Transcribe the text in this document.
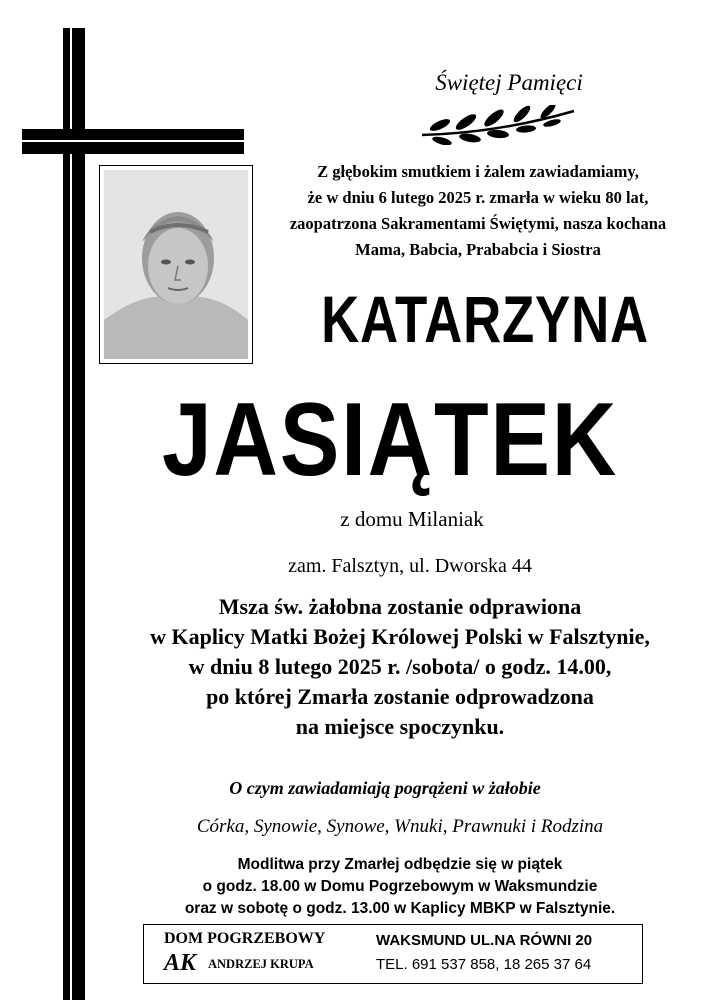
Świętej Pamięci
Z głębokim smutkiem i żalem zawiadamiamy,
że w dniu 6 lutego 2025 r. zmarła w wieku 80 lat,
zaopatrzona Sakramentami Świętymi, nasza kochana
Mama, Babcia, Prababcia i Siostra
KATARZYNA
JASIĄTEK
z domu Milaniak
zam. Falsztyn, ul. Dworska 44
Msza św. żałobna zostanie odprawiona
w Kaplicy Matki Bożej Królowej Polski w Falsztynie,
w dniu 8 lutego 2025 r. /sobota/ o godz. 14.00,
po której Zmarła zostanie odprowadzona
na miejsce spoczynku.
O czym zawiadamiają pogrążeni w żałobie
Córka, Synowie, Synowe, Wnuki, Prawnuki i Rodzina
Modlitwa przy Zmarłej odbędzie się w piątek
o godz. 18.00 w Domu Pogrzebowym w Waksmundzie
oraz w sobotę o godz. 13.00 w Kaplicy MBKP w Falsztynie.
DOM POGRZEBOWY
AK ANDRZEJ KRUPA
WAKSMUND UL.NA RÓWNI 20
TEL. 691 537 858, 18 265 37 64
